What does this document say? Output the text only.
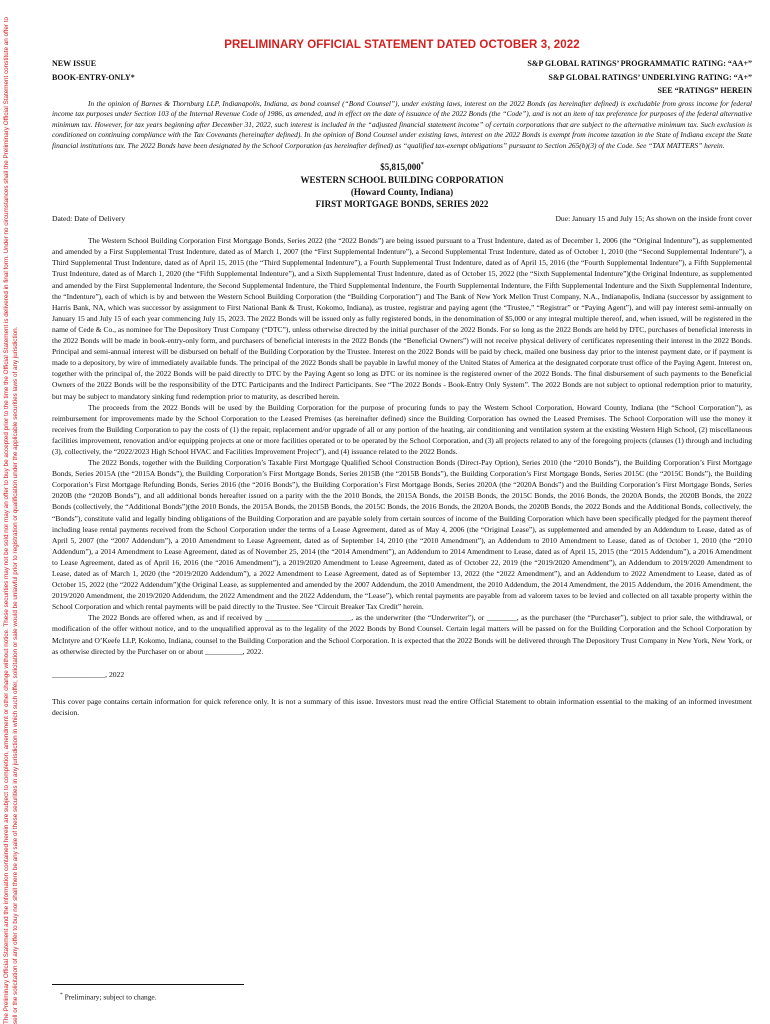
The Preliminary Official Statement and the information contained herein are subject to completion, amendment or other change without notice. These securities may not be sold nor may an offer to buy be accepted prior to the time the Official Statement is delivered in final form. Under no circumstances shall the Preliminary Official Statement constitute an offer to sell or the solicitation of any offer to buy nor shall there be any sale of these securities in any jurisdiction in which such offer, solicitation or sale would be unlawful prior to registration or qualification under the applicable securities laws of any jurisdiction.
PRELIMINARY OFFICIAL STATEMENT DATED OCTOBER 3, 2022
NEW ISSUE
BOOK-ENTRY-ONLY*
S&P GLOBAL RATINGS’ PROGRAMMATIC RATING: “AA+”
S&P GLOBAL RATINGS’ UNDERLYING RATING: “A+”
SEE “RATINGS” HEREIN

In the opinion of Barnes & Thornburg LLP, Indianapolis, Indiana, as bond counsel (“Bond Counsel”), under existing laws, interest on the 2022 Bonds (as hereinafter defined) is excludable from gross income for federal income tax purposes under Section 103 of the Internal Revenue Code of 1986, as amended, and in effect on the date of issuance of the 2022 Bonds (the “Code”), and is not an item of tax preference for purposes of the federal alternative minimum tax. However, for tax years beginning after December 31, 2022, such interest is included in the “adjusted financial statement income” of certain corporations that are subject to the alternative minimum tax. Such exclusion is conditioned on continuing compliance with the Tax Covenants (hereinafter defined). In the opinion of Bond Counsel under existing laws, interest on the 2022 Bonds is exempt from income taxation in the State of Indiana except the State financial institutions tax. The 2022 Bonds have been designated by the School Corporation (as hereinafter defined) as “qualified tax-exempt obligations” pursuant to Section 265(b)(3) of the Code. See “TAX MATTERS” herein.

$5,815,000*
WESTERN SCHOOL BUILDING CORPORATION
(Howard County, Indiana)
FIRST MORTGAGE BONDS, SERIES 2022
Dated: Date of Delivery	Due: January 15 and July 15; As shown on the inside front cover

The Western School Building Corporation First Mortgage Bonds, Series 2022 (the “2022 Bonds”) are being issued pursuant to a Trust Indenture, dated as of December 1, 2006 (the “Original Indenture”), as supplemented and amended by a First Supplemental Trust Indenture, dated as of March 1, 2007 (the “First Supplemental Indenture”), a Second Supplemental Trust Indenture, dated as of October 1, 2010 (the “Second Supplemental Indenture”), a Third Supplemental Trust Indenture, dated as of April 15, 2015 (the “Third Supplemental Indenture”), a Fourth Supplemental Trust Indenture, dated as of April 15, 2016 (the “Fourth Supplemental Indenture”), a Fifth Supplemental Trust Indenture, dated as of March 1, 2020 (the “Fifth Supplemental Indenture”), and a Sixth Supplemental Trust Indenture, dated as of October 15, 2022 (the “Sixth Supplemental Indenture”)(the Original Indenture, as supplemented and amended by the First Supplemental Indenture, the Second Supplemental Indenture, the Third Supplemental Indenture, the Fourth Supplemental Indenture, the Fifth Supplemental Indenture and the Sixth Supplemental Indenture, the “Indenture”), each of which is by and between the Western School Building Corporation (the “Building Corporation”) and The Bank of New York Mellon Trust Company, N.A., Indianapolis, Indiana (successor by assignment to Harris Bank, NA, which was successor by assignment to First National Bank & Trust, Kokomo, Indiana), as trustee, registrar and paying agent (the “Trustee,” “Registrar” or “Paying Agent”), and will pay interest semi-annually on January 15 and July 15 of each year commencing July 15, 2023. The 2022 Bonds will be issued only as fully registered bonds, in the denomination of $5,000 or any integral multiple thereof, and, when issued, will be registered in the name of Cede & Co., as nominee for The Depository Trust Company (“DTC”), unless otherwise directed by the initial purchaser of the 2022 Bonds. For so long as the 2022 Bonds are held by DTC, purchases of beneficial interests in the 2022 Bonds will be made in book-entry-only form, and purchasers of beneficial interests in the 2022 Bonds (the “Beneficial Owners”) will not receive physical delivery of certificates representing their interest in the 2022 Bonds. Principal and semi-annual interest will be disbursed on behalf of the Building Corporation by the Trustee. Interest on the 2022 Bonds will be paid by check, mailed one business day prior to the interest payment date, or if payment is made to a depository, by wire of immediately available funds. The principal of the 2022 Bonds shall be payable in lawful money of the United States of America at the designated corporate trust office of the Paying Agent. Interest on, together with the principal of, the 2022 Bonds will be paid directly to DTC by the Paying Agent so long as DTC or its nominee is the registered owner of the 2022 Bonds. The final disbursement of such payments to the Beneficial Owners of the 2022 Bonds will be the responsibility of the DTC Participants and the Indirect Participants. See “The 2022 Bonds - Book-Entry Only System”. The 2022 Bonds are not subject to optional redemption prior to maturity, but may be subject to mandatory sinking fund redemption prior to maturity, as described herein.

The proceeds from the 2022 Bonds will be used by the Building Corporation for the purpose of procuring funds to pay the Western School Corporation, Howard County, Indiana (the “School Corporation”), as reimbursement for improvements made by the School Corporation to the Leased Premises (as hereinafter defined) since the Building Corporation has owned the Leased Premises. The School Corporation will use the money it receives from the Building Corporation to pay the costs of (1) the repair, replacement and/or upgrade of all or any portion of the heating, air conditioning and ventilation system at the existing Western High School, (2) miscellaneous facilities improvement, renovation and/or equipping projects at one or more facilities operated or to be operated by the School Corporation, and (3) all projects related to any of the foregoing projects (clauses (1) through and including (3), collectively, the “2022/2023 High School HVAC and Facilities Improvement Project”), and (4) issuance related to the 2022 Bonds.

The 2022 Bonds, together with the Building Corporation’s Taxable First Mortgage Qualified School Construction Bonds (Direct-Pay Option), Series 2010 (the “2010 Bonds”), the Building Corporation’s First Mortgage Bonds, Series 2015A (the “2015A Bonds”), the Building Corporation’s First Mortgage Bonds, Series 2015B (the “2015B Bonds”), the Building Corporation’s First Mortgage Bonds, Series 2015C (the “2015C Bonds”), the Building Corporation’s First Mortgage Refunding Bonds, Series 2016 (the “2016 Bonds”), the Building Corporation’s First Mortgage Bonds, Series 2020A (the “2020A Bonds”) and the Building Corporation’s First Mortgage Bonds, Series 2020B (the “2020B Bonds”), and all additional bonds hereafter issued on a parity with the the 2010 Bonds, the 2015A Bonds, the 2015B Bonds, the 2015C Bonds, the 2016 Bonds, the 2020A Bonds, the 2020B Bonds, the 2022 Bonds (collectively, the “Additional Bonds”)(the 2010 Bonds, the 2015A Bonds, the 2015B Bonds, the 2015C Bonds, the 2016 Bonds, the 2020A Bonds, the 2020B Bonds, the 2022 Bonds and the Additional Bonds, collectively, the “Bonds”), constitute valid and legally binding obligations of the Building Corporation and are payable solely from certain sources of income of the Building Corporation which have been specifically pledged for the payment thereof including lease rental payments received from the School Corporation under the terms of a Lease Agreement, dated as of May 4, 2006 (the “Original Lease”), as supplemented and amended by an Addendum to Lease, dated as of April 5, 2007 (the “2007 Addendum”), a 2010 Amendment to Lease Agreement, dated as of September 14, 2010 (the “2010 Amendment”), an Addendum to 2010 Amendment to Lease, dated as of October 1, 2010 (the “2010 Addendum”), a 2014 Amendment to Lease Agreement, dated as of November 25, 2014 (the “2014 Amendment”), an Addendum to 2014 Amendment to Lease, dated as of April 15, 2015 (the “2015 Addendum”), a 2016 Amendment to Lease Agreement, dated as of April 16, 2016 (the “2016 Amendment”), a 2019/2020 Amendment to Lease Agreement, dated as of October 22, 2019 (the “2019/2020 Amendment”), an Addendum to 2019/2020 Amendment to Lease, dated as of March 1, 2020 (the “2019/2020 Addendum”), a 2022 Amendment to Lease Agreement, dated as of September 13, 2022 (the “2022 Amendment”), and an Addendum to 2022 Amendment to Lease, dated as of October 15, 2022 (the “2022 Addendum”)(the Original Lease, as supplemented and amended by the 2007 Addendum, the 2010 Amendment, the 2010 Addendum, the 2014 Amendment, the 2015 Addendum, the 2016 Amendment, the 2019/2020 Amendment, the 2019/2020 Addendum, the 2022 Amendment and the 2022 Addendum, the “Lease”), which rental payments are payable from ad valorem taxes to be levied and collected on all taxable property within the School Corporation and which rental payments will be paid directly to the Trustee. See “Circuit Breaker Tax Credit” herein.

The 2022 Bonds are offered when, as and if received by _______________________, as the underwriter (the “Underwriter”), or ________, as the purchaser (the “Purchaser”), subject to prior sale, the withdrawal, or modification of the offer without notice, and to the unqualified approval as to the legality of the 2022 Bonds by Bond Counsel. Certain legal matters will be passed on for the Building Corporation and the School Corporation by McIntyre and O’Keefe LLP, Kokomo, Indiana, counsel to the Building Corporation and the School Corporation. It is expected that the 2022 Bonds will be delivered through The Depository Trust Company in New York, New York, or as otherwise directed by the Purchaser on or about __________, 2022.

______________, 2022

This cover page contains certain information for quick reference only. It is not a summary of this issue. Investors must read the entire Official Statement to obtain information essential to the making of an informed investment decision.

* Preliminary; subject to change.
